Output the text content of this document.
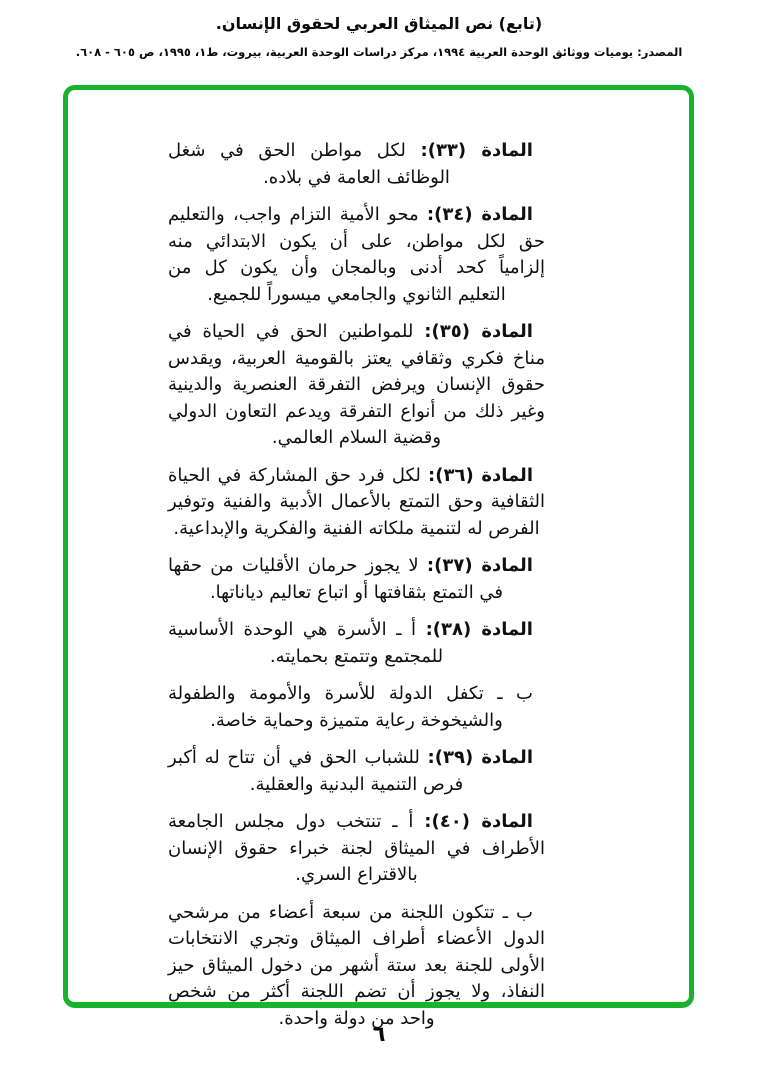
(تابع) نص الميثاق العربي لحقوق الإنسان.
المصدر: يوميات ووثائق الوحدة العربية ١٩٩٤، مركز دراسات الوحدة العربية، بيروت، ط١، ١٩٩٥، ص ٦٠٥ - ٦٠٨.

المادة (٣٣): لكل مواطن الحق في شغل الوظائف العامة في بلاده.

المادة (٣٤): محو الأمية التزام واجب، والتعليم حق لكل مواطن، على أن يكون الابتدائي منه إلزامياً كحد أدنى وبالمجان وأن يكون كل من التعليم الثانوي والجامعي ميسوراً للجميع.

المادة (٣٥): للمواطنين الحق في الحياة في مناخ فكري وثقافي يعتز بالقومية العربية، ويقدس حقوق الإنسان ويرفض التفرقة العنصرية والدينية وغير ذلك من أنواع التفرقة ويدعم التعاون الدولي وقضية السلام العالمي.

المادة (٣٦): لكل فرد حق المشاركة في الحياة الثقافية وحق التمتع بالأعمال الأدبية والفنية وتوفير الفرص له لتنمية ملكاته الفنية والفكرية والإبداعية.

المادة (٣٧): لا يجوز حرمان الأقليات من حقها في التمتع بثقافتها أو اتباع تعاليم دياناتها.

المادة (٣٨): أ ـ الأسرة هي الوحدة الأساسية للمجتمع وتتمتع بحمايته.

ب ـ تكفل الدولة للأسرة والأمومة والطفولة والشيخوخة رعاية متميزة وحماية خاصة.

المادة (٣٩): للشباب الحق في أن تتاح له أكبر فرص التنمية البدنية والعقلية.

المادة (٤٠): أ ـ تنتخب دول مجلس الجامعة الأطراف في الميثاق لجنة خبراء حقوق الإنسان بالاقتراع السري.

ب ـ تتكون اللجنة من سبعة أعضاء من مرشحي الدول الأعضاء أطراف الميثاق وتجري الانتخابات الأولى للجنة بعد ستة أشهر من دخول الميثاق حيز النفاذ، ولا يجوز أن تضم اللجنة أكثر من شخص واحد من دولة واحدة.

٦
